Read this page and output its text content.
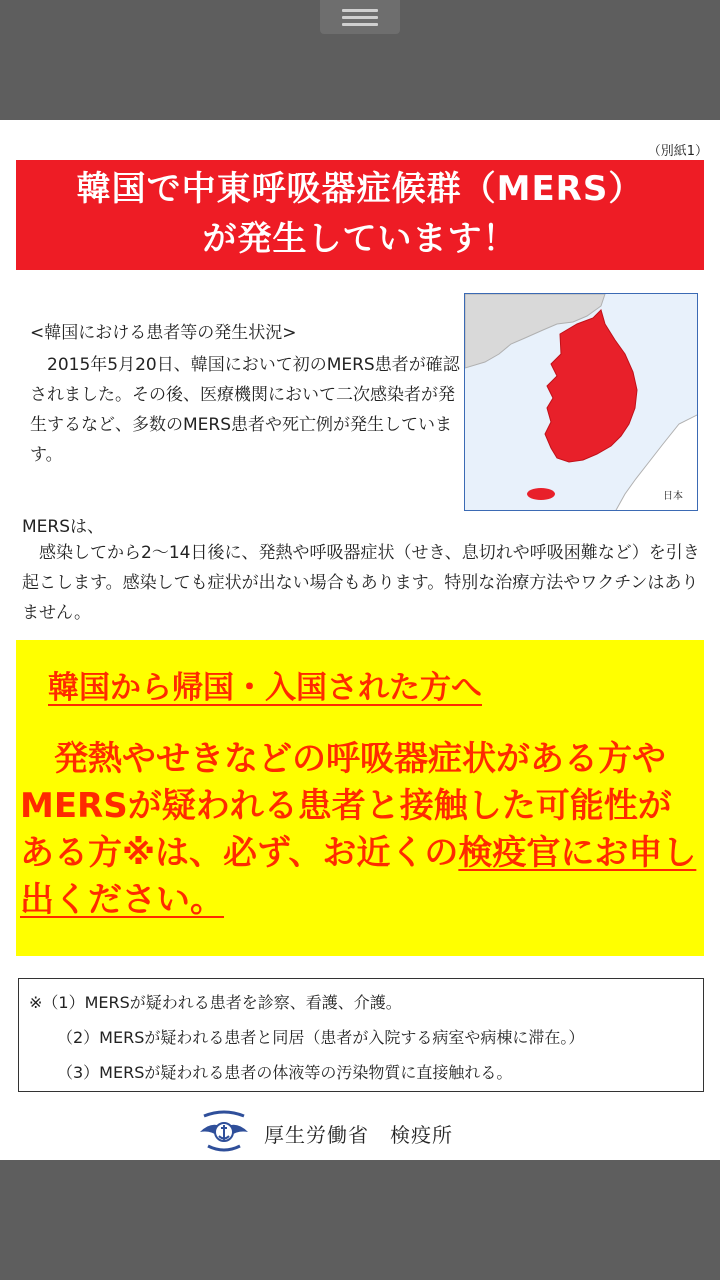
（別紙1）
韓国で中東呼吸器症候群（MERS）
が発生しています！
<韓国における患者等の発生状況>
　2015年5月20日、韓国において初のMERS患者が確認されました。その後、医療機関において二次感染者が発生するなど、多数のMERS患者や死亡例が発生しています。
日本
MERSは、
　感染してから2～14日後に、発熱や呼吸器症状（せき、息切れや呼吸困難など）を引き起こします。感染しても症状が出ない場合もあります。特別な治療方法やワクチンはありません。
韓国から帰国・入国された方へ
　発熱やせきなどの呼吸器症状がある方やMERSが疑われる患者と接触した可能性がある方※は、必ず、お近くの検疫官にお申し出ください。
※（1）MERSが疑われる患者を診察、看護、介護。
（2）MERSが疑われる患者と同居（患者が入院する病室や病棟に滞在。）
（3）MERSが疑われる患者の体液等の汚染物質に直接触れる。
厚生労働省　検疫所
